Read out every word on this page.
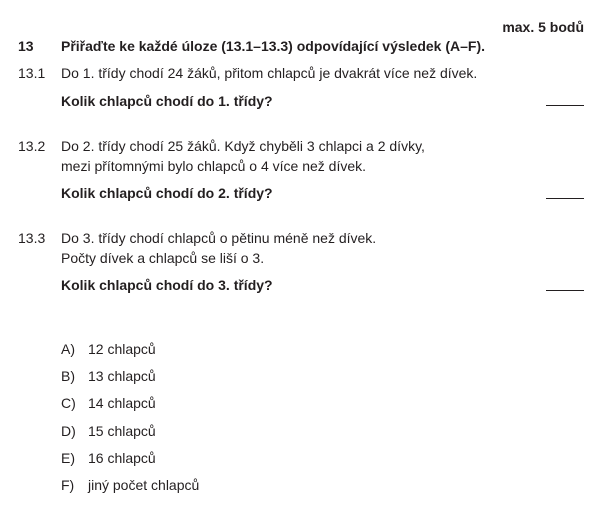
max. 5 bodů
13 Přiřaďte ke každé úloze (13.1–13.3) odpovídající výsledek (A–F).
13.1 Do 1. třídy chodí 24 žáků, přitom chlapců je dvakrát více než dívek.
Kolik chlapců chodí do 1. třídy?
13.2 Do 2. třídy chodí 25 žáků. Když chyběli 3 chlapci a 2 dívky,
mezi přítomnými bylo chlapců o 4 více než dívek.
Kolik chlapců chodí do 2. třídy?
13.3 Do 3. třídy chodí chlapců o pětinu méně než dívek.
Počty dívek a chlapců se liší o 3.
Kolik chlapců chodí do 3. třídy?
A) 12 chlapců
B) 13 chlapců
C) 14 chlapců
D) 15 chlapců
E) 16 chlapců
F) jiný počet chlapců
